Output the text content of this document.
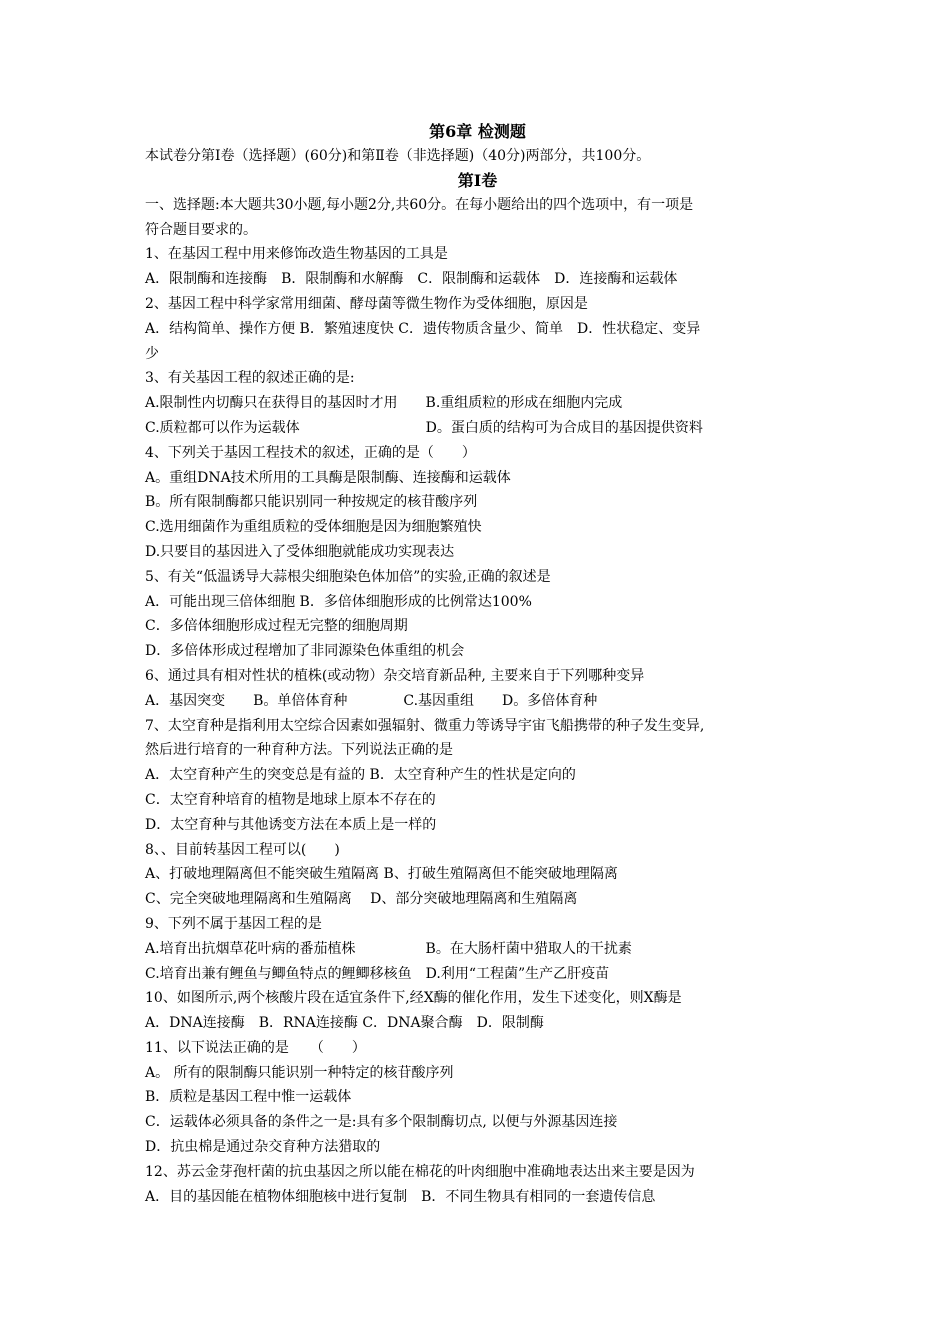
第6章 检测题
本试卷分第Ⅰ卷（选择题）(60分)和第Ⅱ卷（非选择题)（40分)两部分，共100分。
第Ⅰ卷
一、选择题:本大题共30小题,每小题2分,共60分。在每小题给出的四个选项中，有一项是
符合题目要求的。
1、在基因工程中用来修饰改造生物基因的工具是
A．限制酶和连接酶　B．限制酶和水解酶　C．限制酶和运载体　D．连接酶和运载体
2、基因工程中科学家常用细菌、酵母菌等微生物作为受体细胞，原因是
A．结构简单、操作方便 B．繁殖速度快 C．遗传物质含量少、简单　D．性状稳定、变异
少
3、有关基因工程的叙述正确的是:
A.限制性内切酶只在获得目的基因时才用　　B.重组质粒的形成在细胞内完成
C.质粒都可以作为运载体　　　　　　　　　D。蛋白质的结构可为合成目的基因提供资料
4、下列关于基因工程技术的叙述，正确的是（　　）
A。重组DNA技术所用的工具酶是限制酶、连接酶和运载体
B。所有限制酶都只能识别同一种按规定的核苷酸序列
C.选用细菌作为重组质粒的受体细胞是因为细胞繁殖快
D.只要目的基因进入了受体细胞就能成功实现表达
5、有关“低温诱导大蒜根尖细胞染色体加倍”的实验,正确的叙述是
A．可能出现三倍体细胞 B．多倍体细胞形成的比例常达100%
C．多倍体细胞形成过程无完整的细胞周期
D．多倍体形成过程增加了非同源染色体重组的机会
6、通过具有相对性状的植株(或动物）杂交培育新品种, 主要来自于下列哪种变异
A．基因突变　　B。单倍体育种　　　　C.基因重组　　D。多倍体育种
7、太空育种是指利用太空综合因素如强辐射、微重力等诱导宇宙飞船携带的种子发生变异,
然后进行培育的一种育种方法。下列说法正确的是
A．太空育种产生的突变总是有益的 B．太空育种产生的性状是定向的
C．太空育种培育的植物是地球上原本不存在的
D．太空育种与其他诱变方法在本质上是一样的
8、、目前转基因工程可以(　　)
A、打破地理隔离但不能突破生殖隔离 B、打破生殖隔离但不能突破地理隔离
C、完全突破地理隔离和生殖隔离　 D、部分突破地理隔离和生殖隔离
9、下列不属于基因工程的是
A.培育出抗烟草花叶病的番茄植株　　　　　B。在大肠杆菌中猎取人的干扰素
C.培育出兼有鲤鱼与鲫鱼特点的鲤鲫移核鱼　D.利用“工程菌”生产乙肝疫苗
10、如图所示,两个核酸片段在适宜条件下,经X酶的催化作用，发生下述变化，则X酶是
A．DNA连接酶　B．RNA连接酶 C．DNA聚合酶　D．限制酶
11、以下说法正确的是　　（　　）
A。 所有的限制酶只能识别一种特定的核苷酸序列
B．质粒是基因工程中惟一运载体
C．运载体必须具备的条件之一是:具有多个限制酶切点, 以便与外源基因连接
D．抗虫棉是通过杂交育种方法猎取的
12、苏云金芽孢杆菌的抗虫基因之所以能在棉花的叶肉细胞中准确地表达出来主要是因为
A．目的基因能在植物体细胞核中进行复制　B．不同生物具有相同的一套遗传信息
